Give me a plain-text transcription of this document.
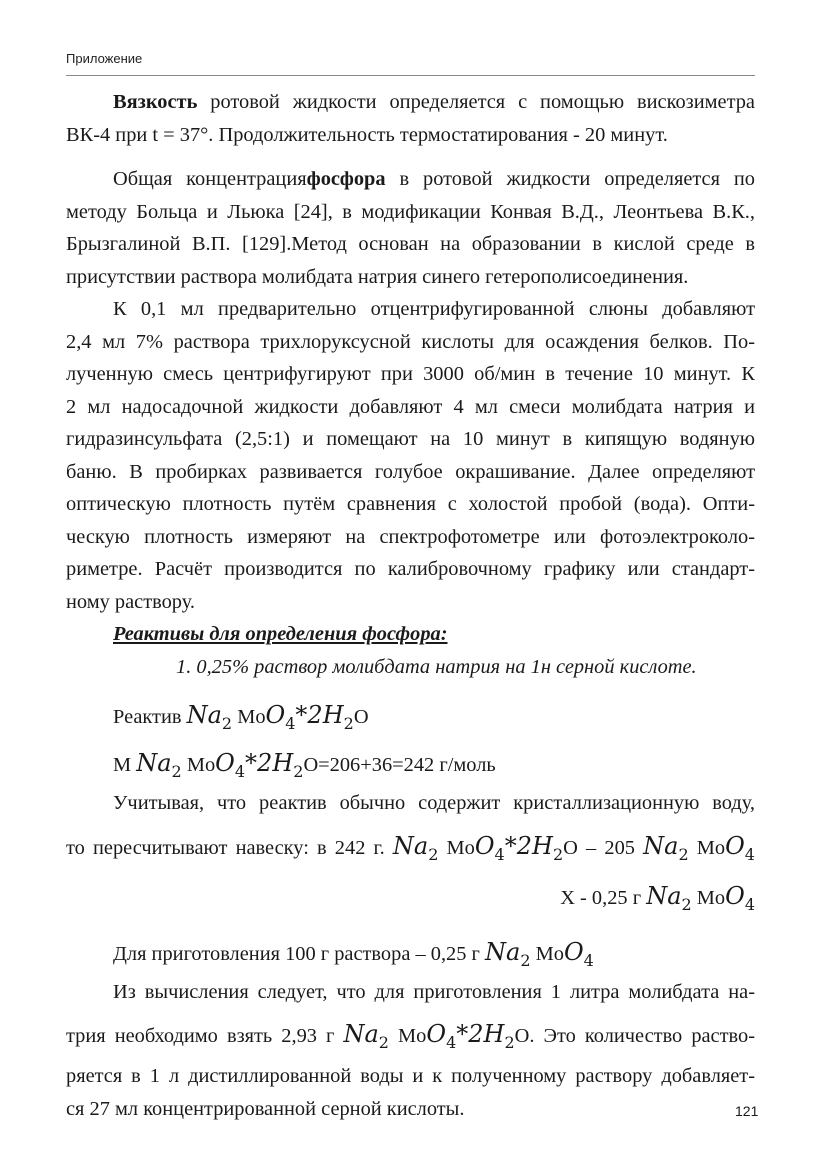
Приложение
Вязкость ротовой жидкости определяется с помощью вискозиметра
ВК-4 при t = 37°. Продолжительность термостатирования - 20 минут.
Общая концентрацияфосфора в ротовой жидкости определяется по
методу Больца и Льюка [24], в модификации Конвая В.Д., Леонтьева В.К.,
Брызгалиной В.П. [129].Метод основан на образовании в кислой среде в
присутствии раствора молибдата натрия синего гетерополисоединения.
К 0,1 мл предварительно отцентрифугированной слюны добавляют
2,4 мл 7% раствора трихлоруксусной кислоты для осаждения белков. По-
лученную смесь центрифугируют при 3000 об/мин в течение 10 минут. К
2 мл надосадочной жидкости добавляют 4 мл смеси молибдата натрия и
гидразинсульфата (2,5:1) и помещают на 10 минут в кипящую водяную
баню. В пробирках развивается голубое окрашивание. Далее определяют
оптическую плотность путём сравнения с холостой пробой (вода). Опти-
ческую плотность измеряют на спектрофотометре или фотоэлектроколо-
риметре. Расчёт производится по калибровочному графику или стандарт-
ному раствору.
Реактивы для определения фосфора:
1. 0,25% раствор молибдата натрия на 1н серной кислоте.
Реактив $Na_2$ $MoO_4*2H_2O$
М $Na_2$ $MoO_4*2H_2O=206+36=242$ г/моль
Учитывая, что реактив обычно содержит кристаллизационную воду,
то пересчитывают навеску: в 242 г. $Na_2$ $MoO_4*2H_2O - 205$ $Na_2$ MoO$_4$
X - 0,25 г $Na_2$ MoO$_4$
Для приготовления 100 г раствора – 0,25 г $Na_2$ MoO$_4$
Из вычисления следует, что для приготовления 1 литра молибдата на-
трия необходимо взять 2,93 г $Na_2$ $MoO_4*2H_2O$. Это количество раство-
ряется в 1 л дистиллированной воды и к полученному раствору добавляет-
ся 27 мл концентрированной серной кислоты.	121
